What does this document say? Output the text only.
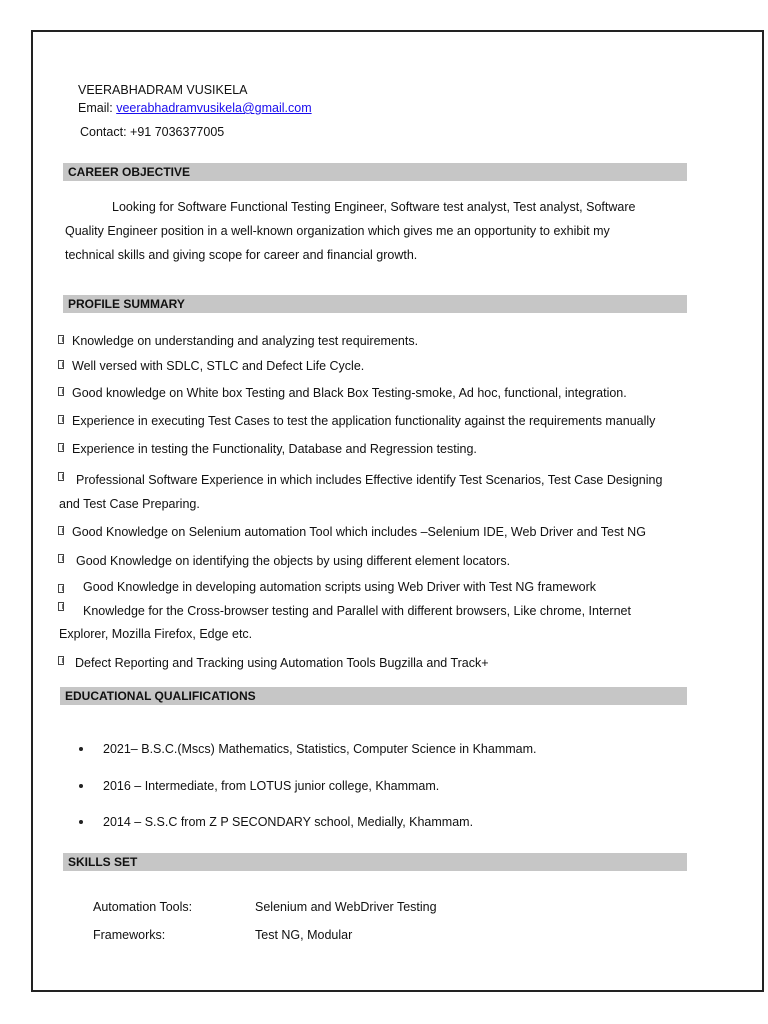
VEERABHADRAM VUSIKELA
Email: veerabhadramvusikela@gmail.com
Contact: +91 7036377005
CAREER OBJECTIVE
Looking for Software Functional Testing Engineer, Software test analyst, Test analyst, Software
Quality Engineer position in a well-known organization which gives me an opportunity to exhibit my
technical skills and giving scope for career and financial growth.
PROFILE SUMMARY
Knowledge on understanding and analyzing test requirements.
Well versed with SDLC, STLC and Defect Life Cycle.
Good knowledge on White box Testing and Black Box Testing-smoke, Ad hoc, functional, integration.
Experience in executing Test Cases to test the application functionality against the requirements manually
Experience in testing the Functionality, Database and Regression testing.
Professional Software Experience in which includes Effective identify Test Scenarios, Test Case Designing
and Test Case Preparing.
Good Knowledge on Selenium automation Tool which includes –Selenium IDE, Web Driver and Test NG
Good Knowledge on identifying the objects by using different element locators.
Good Knowledge in developing automation scripts using Web Driver with Test NG framework
Knowledge for the Cross-browser testing and Parallel with different browsers, Like chrome, Internet
Explorer, Mozilla Firefox, Edge etc.
Defect Reporting and Tracking using Automation Tools Bugzilla and Track+
EDUCATIONAL QUALIFICATIONS
2021– B.S.C.(Mscs) Mathematics, Statistics, Computer Science in Khammam.
2016 – Intermediate, from LOTUS junior college, Khammam.
2014 – S.S.C from Z P SECONDARY school, Medially, Khammam.
SKILLS SET
Automation Tools:	Selenium and WebDriver Testing
Frameworks:	Test NG, Modular
